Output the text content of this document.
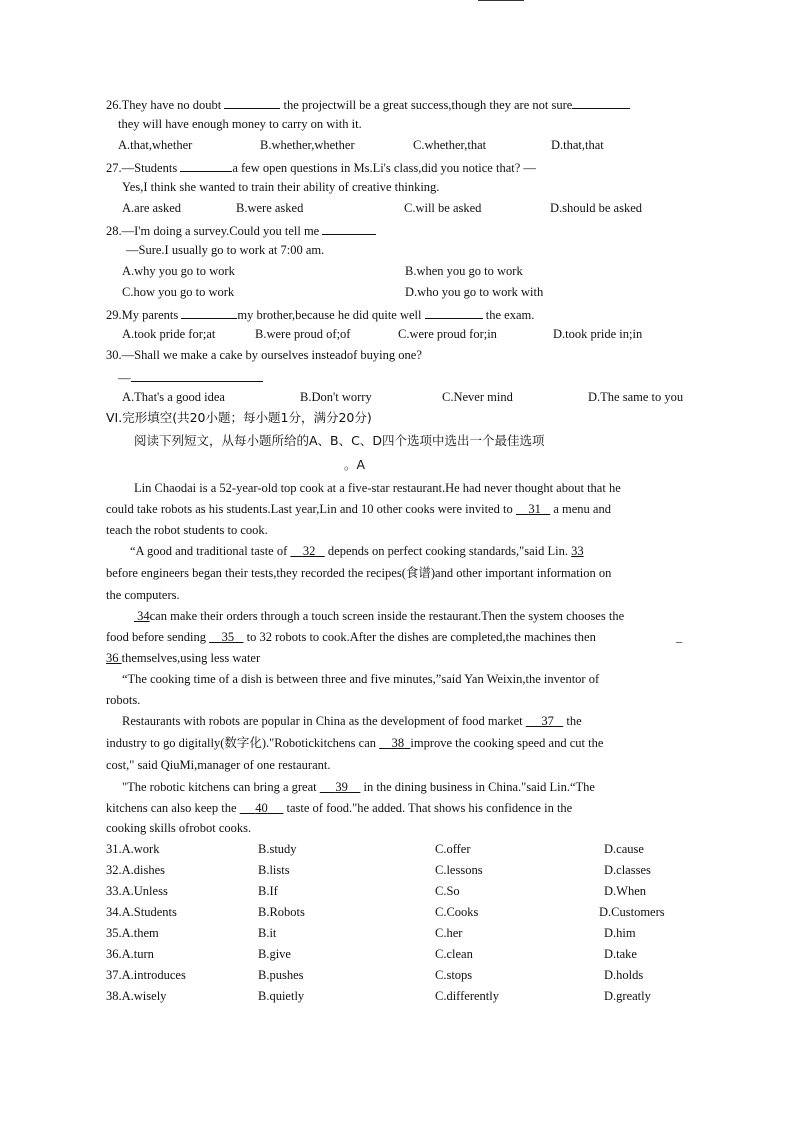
26.They have no doubt	the projectwill be a great success,though they are not sure
they will have enough money to carry on with it.
A.that,whether	B.whether,whether	C.whether,that	D.that,that
27.—Students	a few open questions in Ms.Li's class,did you notice that? —
Yes,I think she wanted to train their ability of creative thinking.
A.are asked	B.were asked	C.will be asked	D.should be asked
28.—I'm doing a survey.Could you tell me
—Sure.I usually go to work at 7:00 am.
A.why you go to work	B.when you go to work
C.how you go to work	D.who you go to work with
29.My parents	my brother,because he did quite well	the exam.
A.took pride for;at	B.were proud of;of	C.were proud for;in	D.took pride in;in
30.—Shall we make a cake by ourselves insteadof buying one?
—
A.That's a good idea	B.Don't worry	C.Never mind	D.The same to you
VI.完形填空(共20小题；每小题1分，满分20分)
阅读下列短文，从每小题所给的A、B、C、D四个选项中选出一个最佳选项
。A
Lin Chaodai is a 52-year-old top cook at a five-star restaurant.He had never thought about that he
could take robots as his students.Last year,Lin and 10 other cooks were invited to 31 a menu and
teach the robot students to cook.
“A good and traditional taste of 32 depends on perfect cooking standards,"said Lin. 33
before engineers began their tests,they recorded the recipes(食谱)and other important information on
the computers.
34can make their orders through a touch screen inside the restaurant.Then the system chooses the
food before sending 35 to 32 robots to cook.After the dishes are completed,the machines then	_
36 themselves,using less water
“The cooking time of a dish is between three and five minutes,”said Yan Weixin,the inventor of
robots.
Restaurants with robots are popular in China as the development of food market 37 the
industry to go digitally(数字化)."Robotickitchens can 38 improve the cooking speed and cut the
cost," said QiuMi,manager of one restaurant.
"The robotic kitchens can bring a great 39 in the dining business in China."said Lin.“The
kitchens can also keep the 40 taste of food."he added. That shows his confidence in the
cooking skills ofrobot cooks.
31.A.work	B.study	C.offer	D.cause
32.A.dishes	B.lists	C.lessons	D.classes
33.A.Unless	B.If	C.So	D.When
34.A.Students	B.Robots	C.Cooks	D.Customers
35.A.them	B.it	C.her	D.him
36.A.turn	B.give	C.clean	D.take
37.A.introduces	B.pushes	C.stops	D.holds
38.A.wisely	B.quietly	C.differently	D.greatly
